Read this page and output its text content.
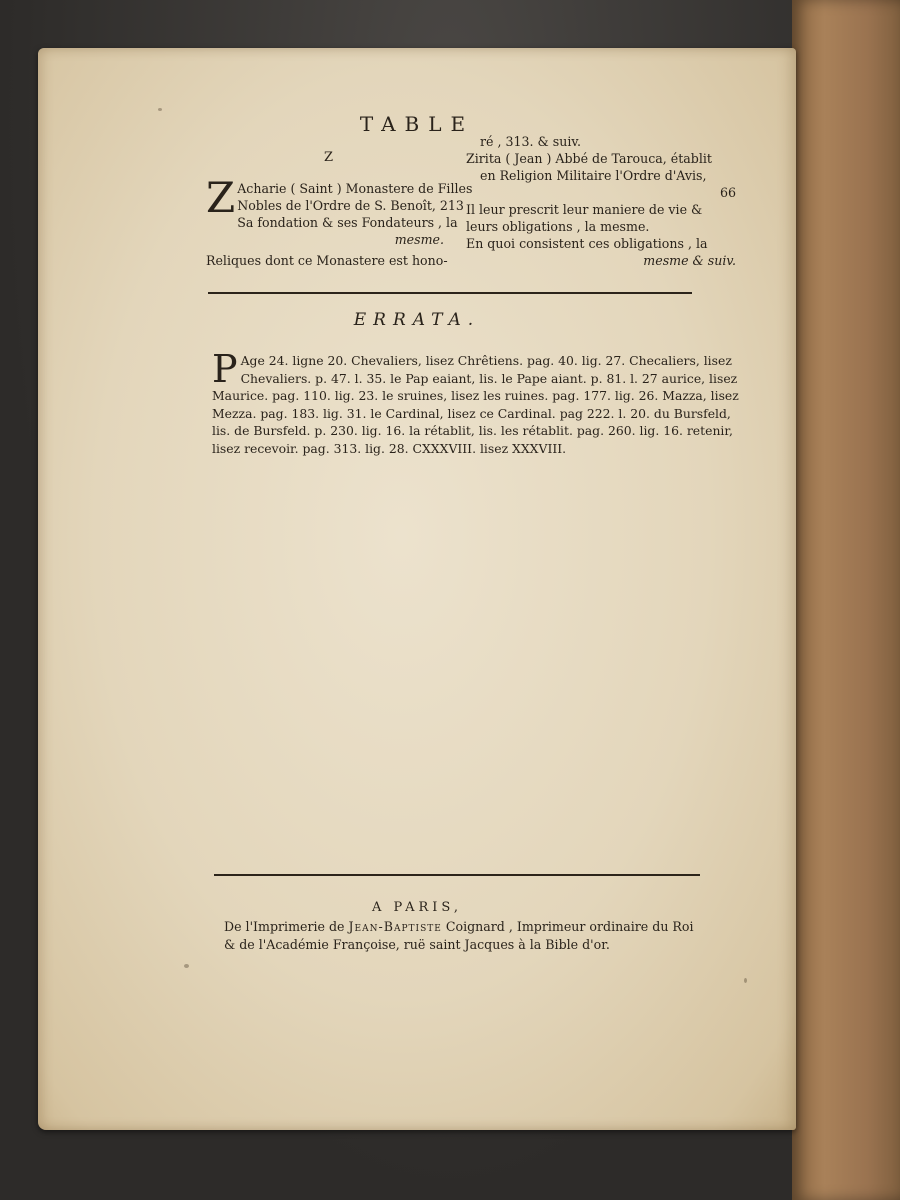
TABLE
Z
Z Acharie ( Saint ) Monastere de Filles
Nobles de l'Ordre de S. Benoît, 213
Sa fondation & ses Fondateurs , la
mesme.
Reliques dont ce Monastere est hono-
ré , 313. & suiv.
Zirita ( Jean ) Abbé de Tarouca, établit
en Religion Militaire l'Ordre d'Avis,
66
Il leur prescrit leur maniere de vie &
leurs obligations , la mesme.
En quoi consistent ces obligations , la
mesme & suiv.
ERRATA.
P Age 24. ligne 20. Chevaliers, lisez Chrêtiens. pag. 40. lig. 27. Checaliers, lisez
Chevaliers. p. 47. l. 35. le Pap eaiant, lis. le Pape aiant. p. 81. l. 27 aurice, lisez
Maurice. pag. 110. lig. 23. le sruines, lisez les ruines. pag. 177. lig. 26. Mazza, lisez
Mezza. pag. 183. lig. 31. le Cardinal, lisez ce Cardinal. pag 222. l. 20. du Bursfeld,
lis. de Bursfeld. p. 230. lig. 16. la rétablit, lis. les rétablit. pag. 260. lig. 16. retenir,
lisez recevoir. pag. 313. lig. 28. CXXXVIII. lisez XXXVIII.
A PARIS,
De l'Imprimerie de Jean-Baptiste Coignard , Imprimeur ordinaire du Roi
& de l'Académie Françoise, ruë saint Jacques à la Bible d'or.
